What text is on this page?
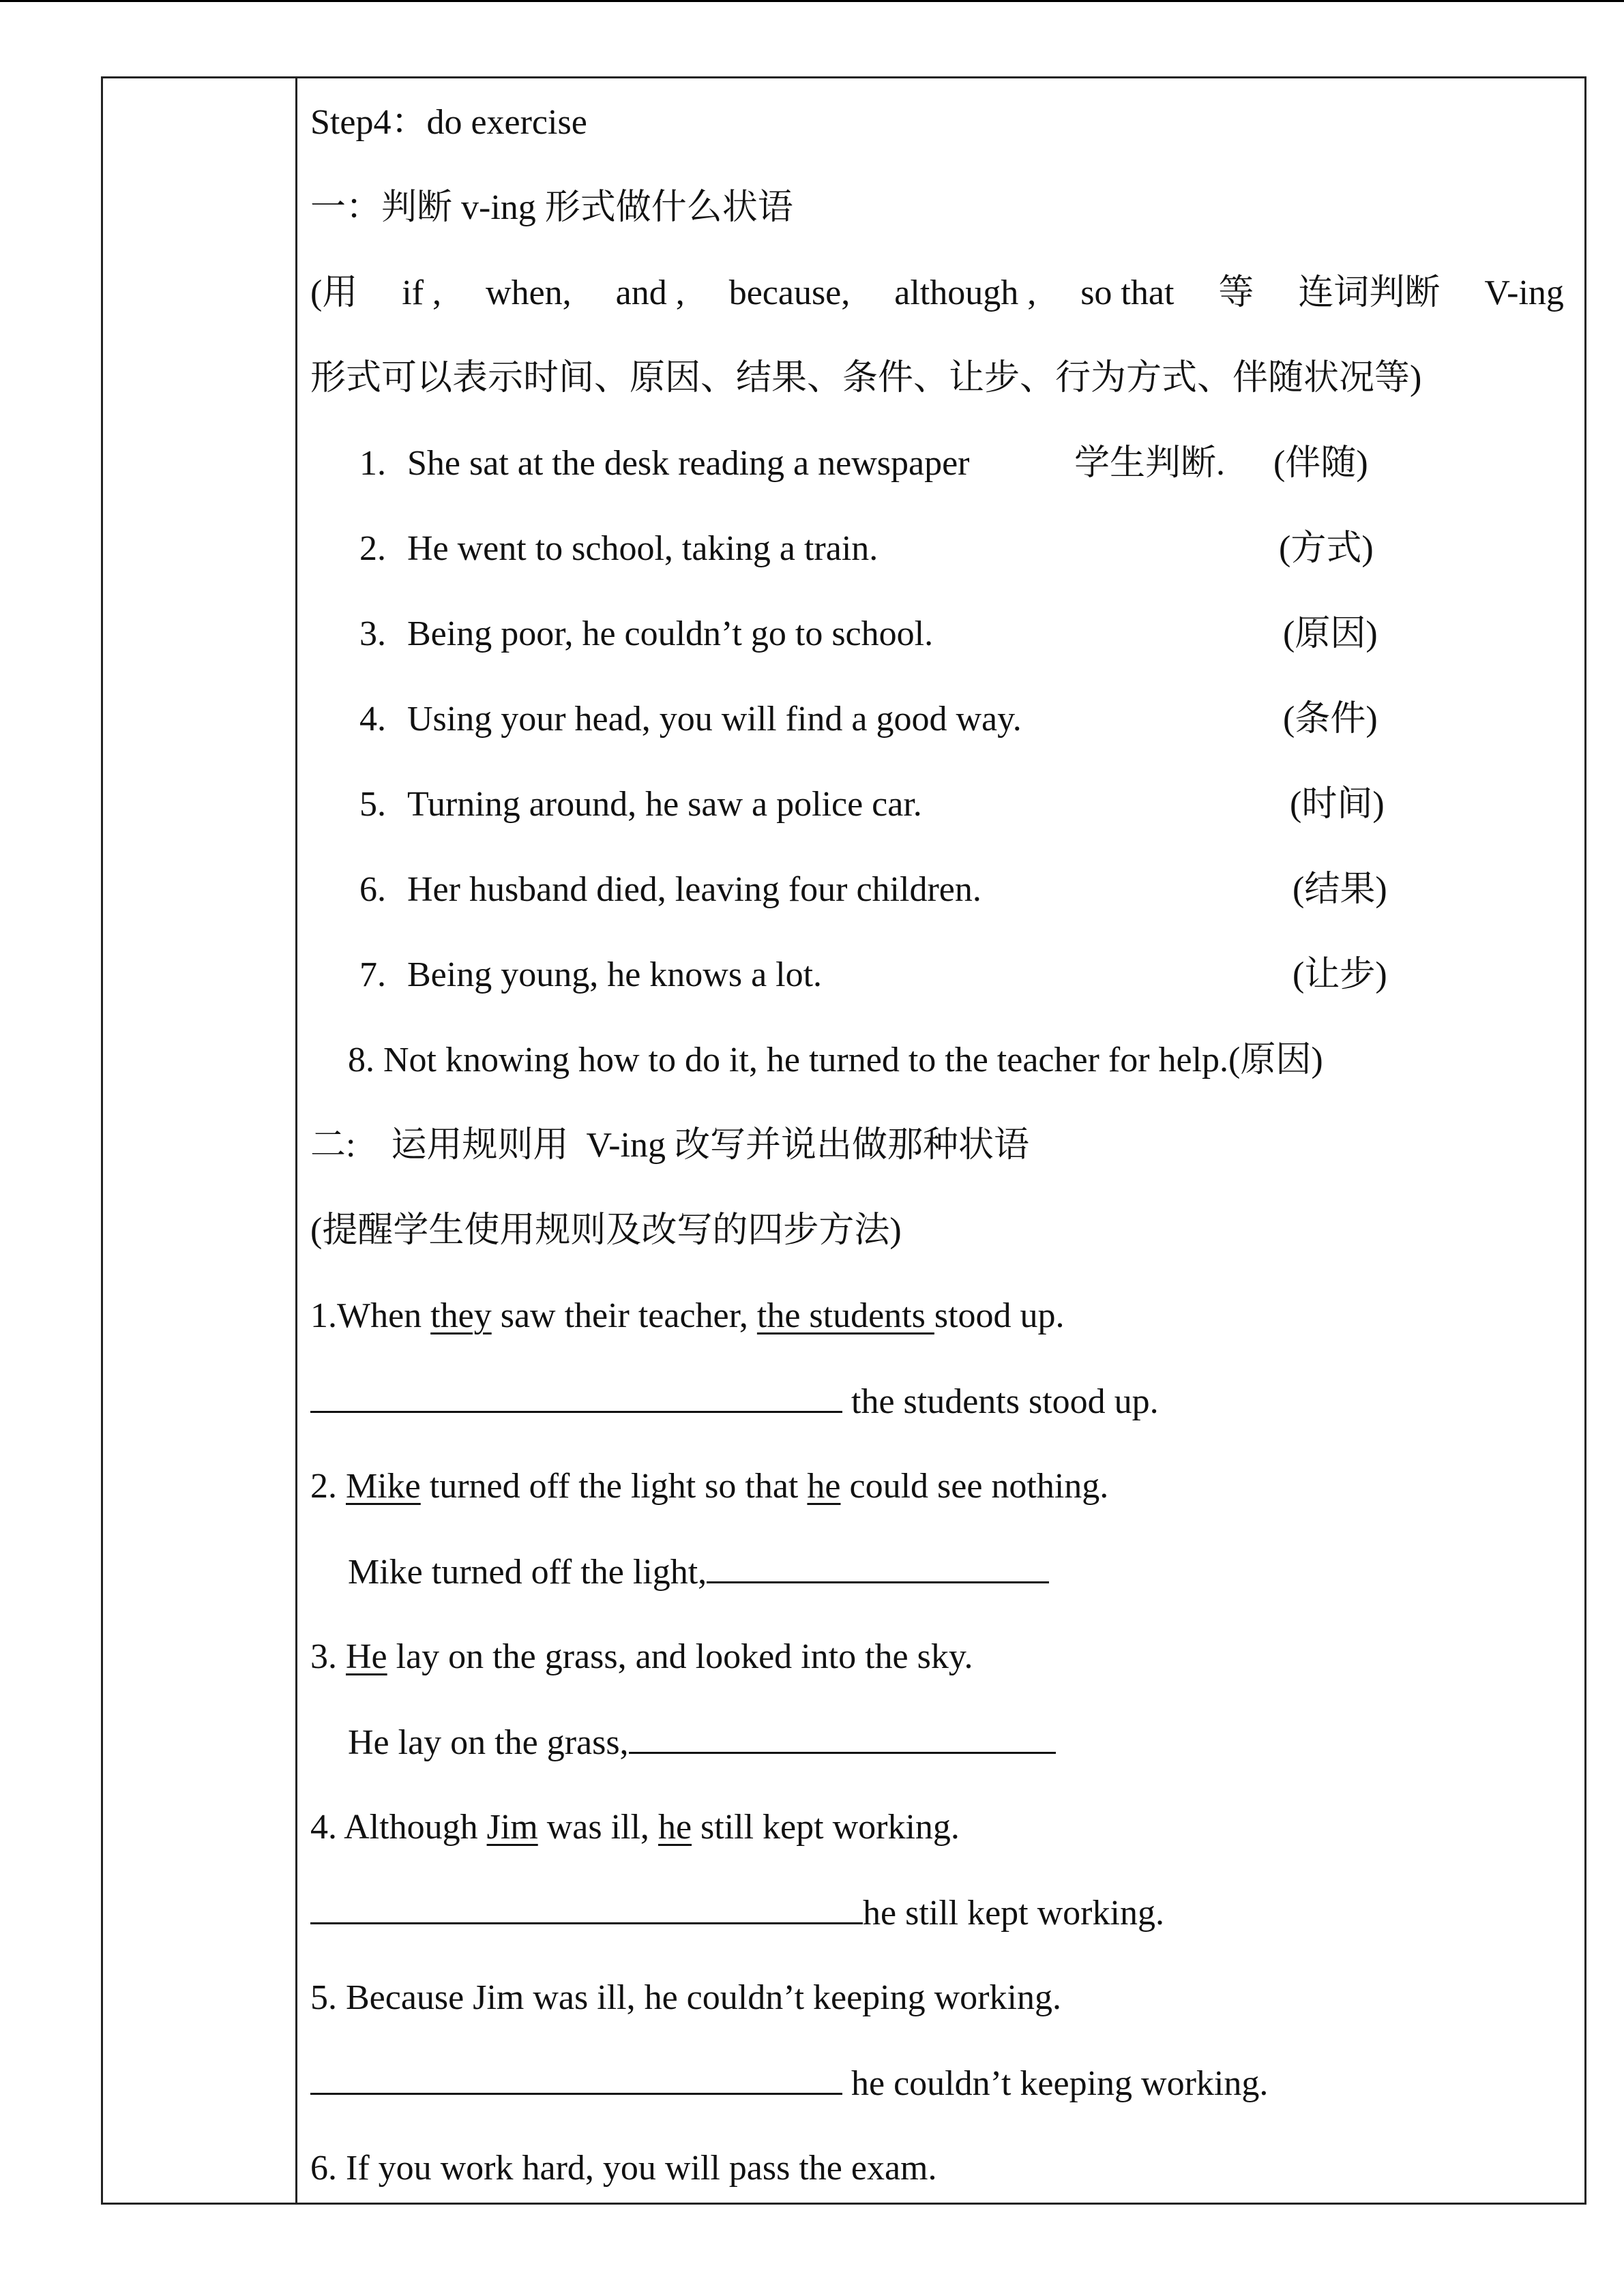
Step4：do exercise
一：判断 v-ing 形式做什么状语
(用 if , when, and , because, although , so that 等 连词判断 V-ing
形式可以表示时间、原因、结果、条件、让步、行为方式、伴随状况等)
1. She sat at the desk reading a newspaper	学生判断. (伴随)
2. He went to school, taking a train.	(方式)
3. Being poor, he couldn’t go to school.	(原因)
4. Using your head, you will find a good way.	(条件)
5. Turning around, he saw a police car.	(时间)
6. Her husband died, leaving four children.	(结果)
7. Being young, he knows a lot.	(让步)
8. Not knowing how to do it, he turned to the teacher for help.(原因)
二:    运用规则用  V-ing 改写并说出做那种状语
(提醒学生使用规则及改写的四步方法)
1.When they saw their teacher, the students stood up.
the students stood up.
2. Mike turned off the light so that he could see nothing.
Mike turned off the light,
3. He lay on the grass, and looked into the sky.
He lay on the grass,
4. Although Jim was ill, he still kept working.
he still kept working.
5. Because Jim was ill, he couldn’t keeping working.
he couldn’t keeping working.
6. If you work hard, you will pass the exam.
